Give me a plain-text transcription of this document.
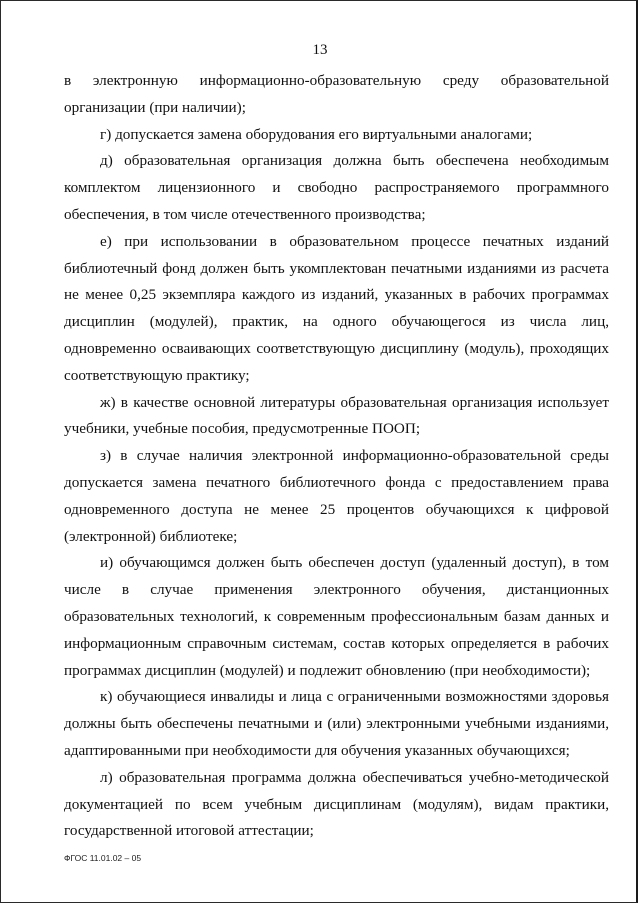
13

в электронную информационно-образовательную среду образовательной организации (при наличии);

г) допускается замена оборудования его виртуальными аналогами;

д) образовательная организация должна быть обеспечена необходимым комплектом лицензионного и свободно распространяемого программного обеспечения, в том числе отечественного производства;

е) при использовании в образовательном процессе печатных изданий библиотечный фонд должен быть укомплектован печатными изданиями из расчета не менее 0,25 экземпляра каждого из изданий, указанных в рабочих программах дисциплин (модулей), практик, на одного обучающегося из числа лиц, одновременно осваивающих соответствующую дисциплину (модуль), проходящих соответствующую практику;

ж) в качестве основной литературы образовательная организация использует учебники, учебные пособия, предусмотренные ПООП;

з) в случае наличия электронной информационно-образовательной среды допускается замена печатного библиотечного фонда с предоставлением права одновременного доступа не менее 25 процентов обучающихся к цифровой (электронной) библиотеке;

и) обучающимся должен быть обеспечен доступ (удаленный доступ), в том числе в случае применения электронного обучения, дистанционных образовательных технологий, к современным профессиональным базам данных и информационным справочным системам, состав которых определяется в рабочих программах дисциплин (модулей) и подлежит обновлению (при необходимости);

к) обучающиеся инвалиды и лица с ограниченными возможностями здоровья должны быть обеспечены печатными и (или) электронными учебными изданиями, адаптированными при необходимости для обучения указанных обучающихся;

л) образовательная программа должна обеспечиваться учебно-методической документацией по всем учебным дисциплинам (модулям), видам практики, государственной итоговой аттестации;

ФГОС 11.01.02 – 05
